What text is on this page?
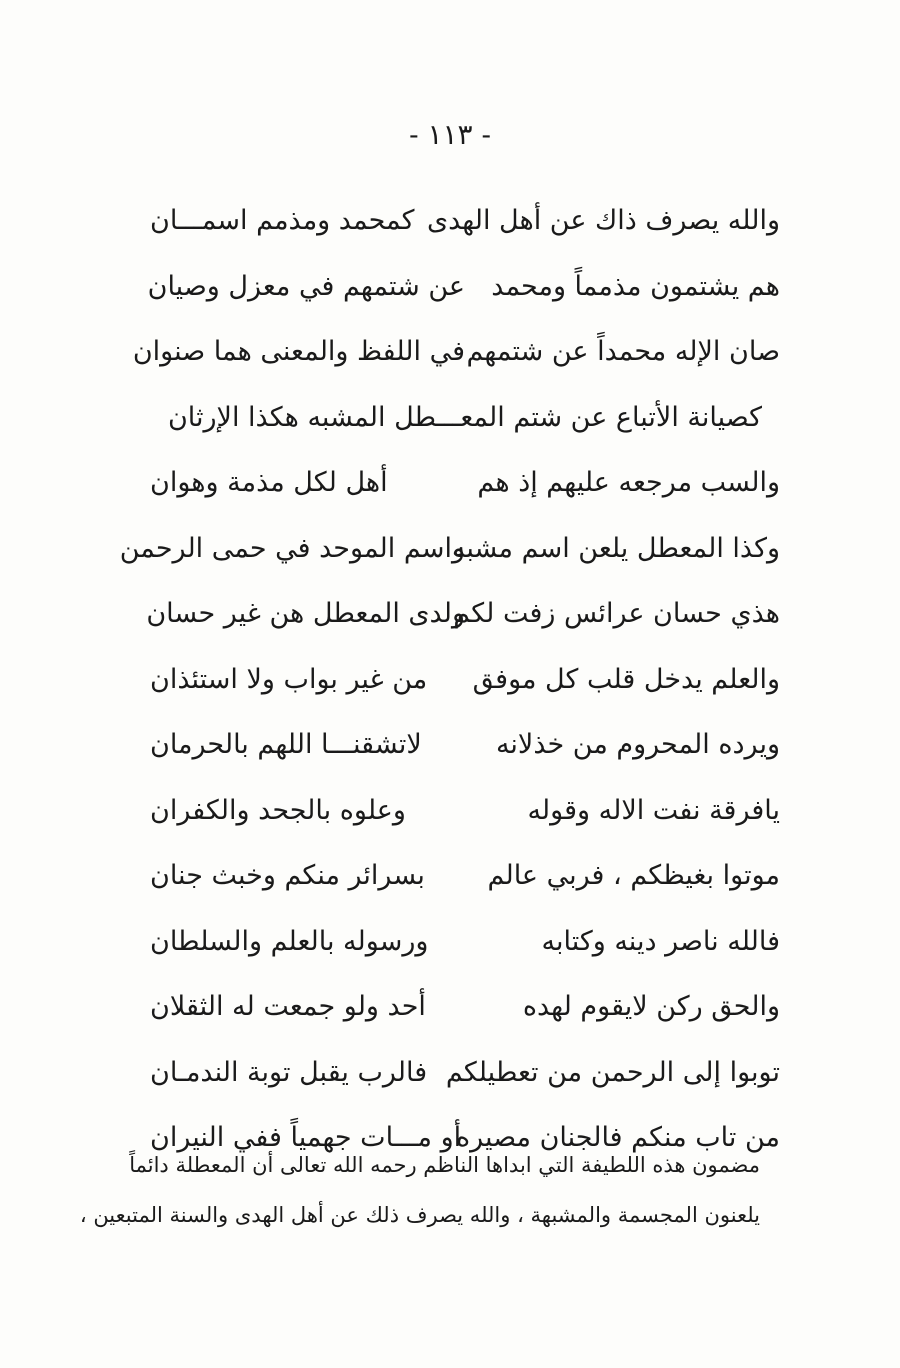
- ١١٣ -
والله يصرف ذاك عن أهل الهدى
كمحمد ومذمم اسمـــان
هم يشتمون مذمماً ومحمد
عن شتمهم في معزل وصيان
صان الإله محمداً عن شتمهم
في اللفظ والمعنى هما صنوان
كصيانة الأتباع عن شتم المعـــطل المشبه هكذا الإرثان
والسب مرجعه عليهم إذ هم
أهل لكل مذمة وهوان
وكذا المعطل يلعن اسم مشبه
واسم الموحد في حمى الرحمن
هذي حسان عرائس زفت لكم
ولدى المعطل هن غير حسان
والعلم يدخل قلب كل موفق
من غير بواب ولا استئذان
ويرده المحروم من خذلانه
لاتشقنـــا اللهم بالحرمان
يافرقة نفت الاله وقوله
وعلوه بالجحد والكفران
موتوا بغيظكم ، فربي عالم
بسرائر منكم وخبث جنان
فالله ناصر دينه وكتابه
ورسوله بالعلم والسلطان
والحق ركن لايقوم لهده
أحد ولو جمعت له الثقلان
توبوا إلى الرحمن من تعطيلكم
فالرب يقبل توبة الندمـان
من تاب منكم فالجنان مصيره
أو مـــات جهمياً ففي النيران
مضمون هذه اللطيفة التي ابداها الناظم رحمه الله تعالى أن المعطلة دائماً
يلعنون المجسمة والمشبهة ، والله يصرف ذلك عن أهل الهدى والسنة المتبعين ،
